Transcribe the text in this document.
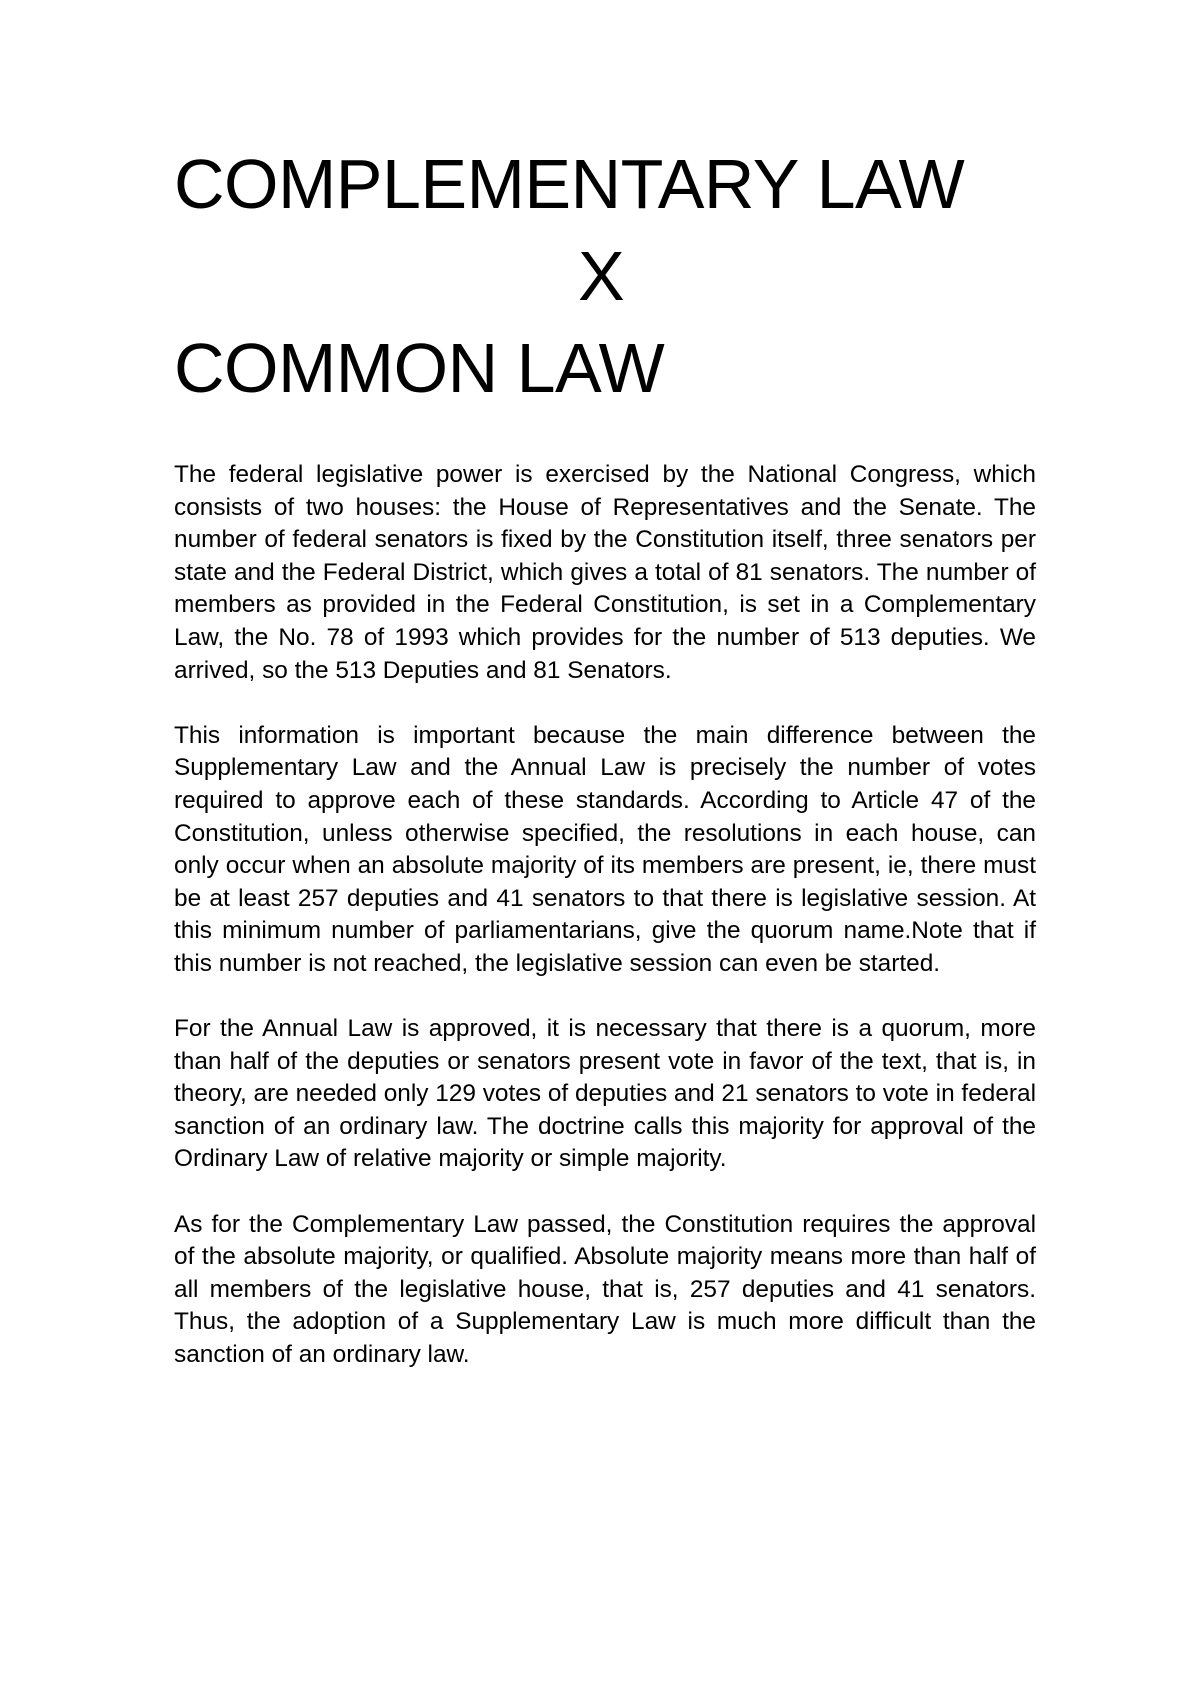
COMPLEMENTARY LAW
X
COMMON LAW

The federal legislative power is exercised by the National Congress, which consists of two houses: the House of Representatives and the Senate. The number of federal senators is fixed by the Constitution itself, three senators per state and the Federal District, which gives a total of 81 senators. The number of members as provided in the Federal Constitution, is set in a Complementary Law, the No. 78 of 1993 which provides for the number of 513 deputies. We arrived, so the 513 Deputies and 81 Senators.

This information is important because the main difference between the Supplementary Law and the Annual Law is precisely the number of votes required to approve each of these standards. According to Article 47 of the Constitution, unless otherwise specified, the resolutions in each house, can only occur when an absolute majority of its members are present, ie, there must be at least 257 deputies and 41 senators to that there is legislative session. At this minimum number of parliamentarians, give the quorum name.Note that if this number is not reached, the legislative session can even be started.

For the Annual Law is approved, it is necessary that there is a quorum, more than half of the deputies or senators present vote in favor of the text, that is, in theory, are needed only 129 votes of deputies and 21 senators to vote in federal sanction of an ordinary law. The doctrine calls this majority for approval of the Ordinary Law of relative majority or simple majority.

As for the Complementary Law passed, the Constitution requires the approval of the absolute majority, or qualified. Absolute majority means more than half of all members of the legislative house, that is, 257 deputies and 41 senators. Thus, the adoption of a Supplementary Law is much more difficult than the sanction of an ordinary law.
